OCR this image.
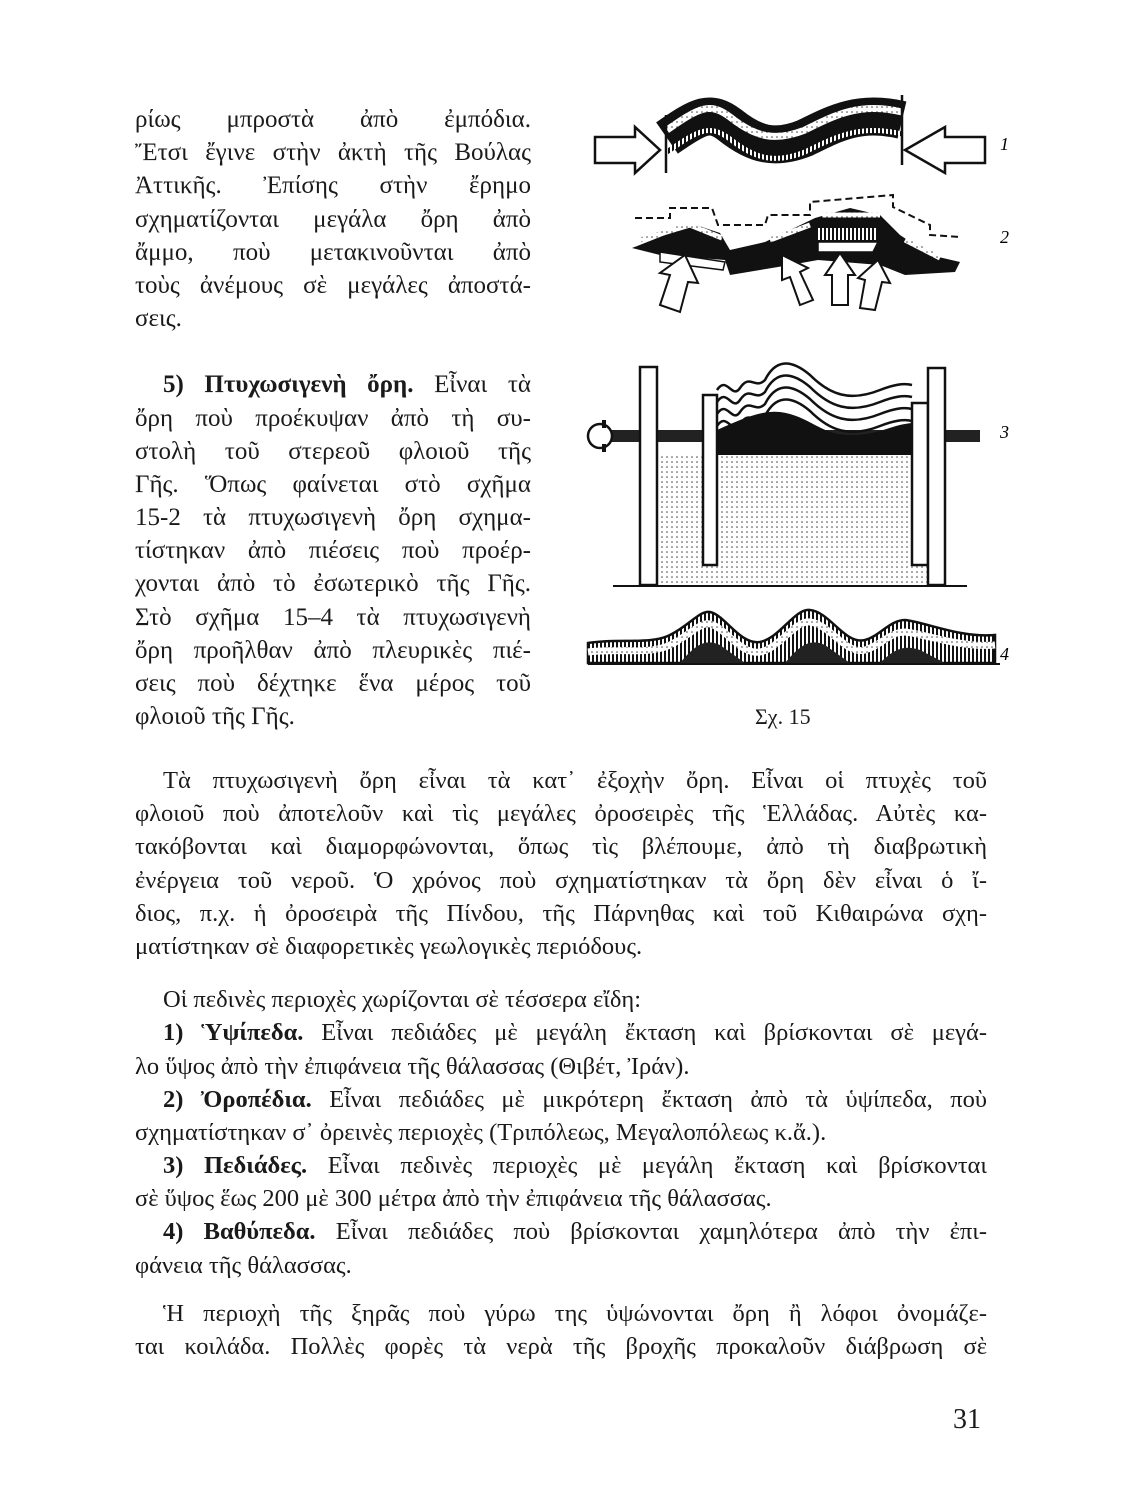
ρίως μπροστὰ ἀπὸ ἐμπόδια.
Ἔτσι ἔγινε στὴν ἀκτὴ τῆς Βούλας
Ἀττικῆς. Ἐπίσης στὴν ἔρημο
σχηματίζονται μεγάλα ὄρη ἀπὸ
ἄμμο, ποὺ μετακινοῦνται ἀπὸ
τοὺς ἀνέμους σὲ μεγάλες ἀποστά-
σεις.
5) Πτυχωσιγενὴ ὄρη. Εἶναι τὰ
ὄρη ποὺ προέκυψαν ἀπὸ τὴ συ-
στολὴ τοῦ στερεοῦ φλοιοῦ τῆς
Γῆς. Ὅπως φαίνεται στὸ σχῆμα
15-2 τὰ πτυχωσιγενὴ ὄρη σχημα-
τίστηκαν ἀπὸ πιέσεις ποὺ προέρ-
χονται ἀπὸ τὸ ἐσωτερικὸ τῆς Γῆς.
Στὸ σχῆμα 15–4 τὰ πτυχωσιγενὴ
ὄρη προῆλθαν ἀπὸ πλευρικὲς πιέ-
σεις ποὺ δέχτηκε ἕνα μέρος τοῦ
φλοιοῦ τῆς Γῆς.
Τὰ πτυχωσιγενὴ ὄρη εἶναι τὰ κατ᾽ ἐξοχὴν ὄρη. Εἶναι οἱ πτυχὲς τοῦ
φλοιοῦ ποὺ ἀποτελοῦν καὶ τὶς μεγάλες ὀροσειρὲς τῆς Ἑλλάδας. Αὐτὲς κα-
τακόβονται καὶ διαμορφώνονται, ὅπως τὶς βλέπουμε, ἀπὸ τὴ διαβρωτικὴ
ἐνέργεια τοῦ νεροῦ. Ὁ χρόνος ποὺ σχηματίστηκαν τὰ ὄρη δὲν εἶναι ὁ ἴ-
διος, π.χ. ἡ ὀροσειρὰ τῆς Πίνδου, τῆς Πάρνηθας καὶ τοῦ Κιθαιρώνα σχη-
ματίστηκαν σὲ διαφορετικὲς γεωλογικὲς περιόδους.
Οἱ πεδινὲς περιοχὲς χωρίζονται σὲ τέσσερα εἴδη:
1) Ὑψίπεδα. Εἶναι πεδιάδες μὲ μεγάλη ἔκταση καὶ βρίσκονται σὲ μεγά-
λο ὕψος ἀπὸ τὴν ἐπιφάνεια τῆς θάλασσας (Θιβέτ, Ἰράν).
2) Ὀροπέδια. Εἶναι πεδιάδες μὲ μικρότερη ἔκταση ἀπὸ τὰ ὑψίπεδα, ποὺ
σχηματίστηκαν σ᾽ ὀρεινὲς περιοχὲς (Τριπόλεως, Μεγαλοπόλεως κ.ἄ.).
3) Πεδιάδες. Εἶναι πεδινὲς περιοχὲς μὲ μεγάλη ἔκταση καὶ βρίσκονται
σὲ ὕψος ἕως 200 μὲ 300 μέτρα ἀπὸ τὴν ἐπιφάνεια τῆς θάλασσας.
4) Βαθύπεδα. Εἶναι πεδιάδες ποὺ βρίσκονται χαμηλότερα ἀπὸ τὴν ἐπι-
φάνεια τῆς θάλασσας.
Ἡ περιοχὴ τῆς ξηρᾶς ποὺ γύρω της ὑψώνονται ὄρη ἢ λόφοι ὀνομάζε-
ται κοιλάδα. Πολλὲς φορὲς τὰ νερὰ τῆς βροχῆς προκαλοῦν διάβρωση σὲ
1
2
3
4
Σχ. 15
31
